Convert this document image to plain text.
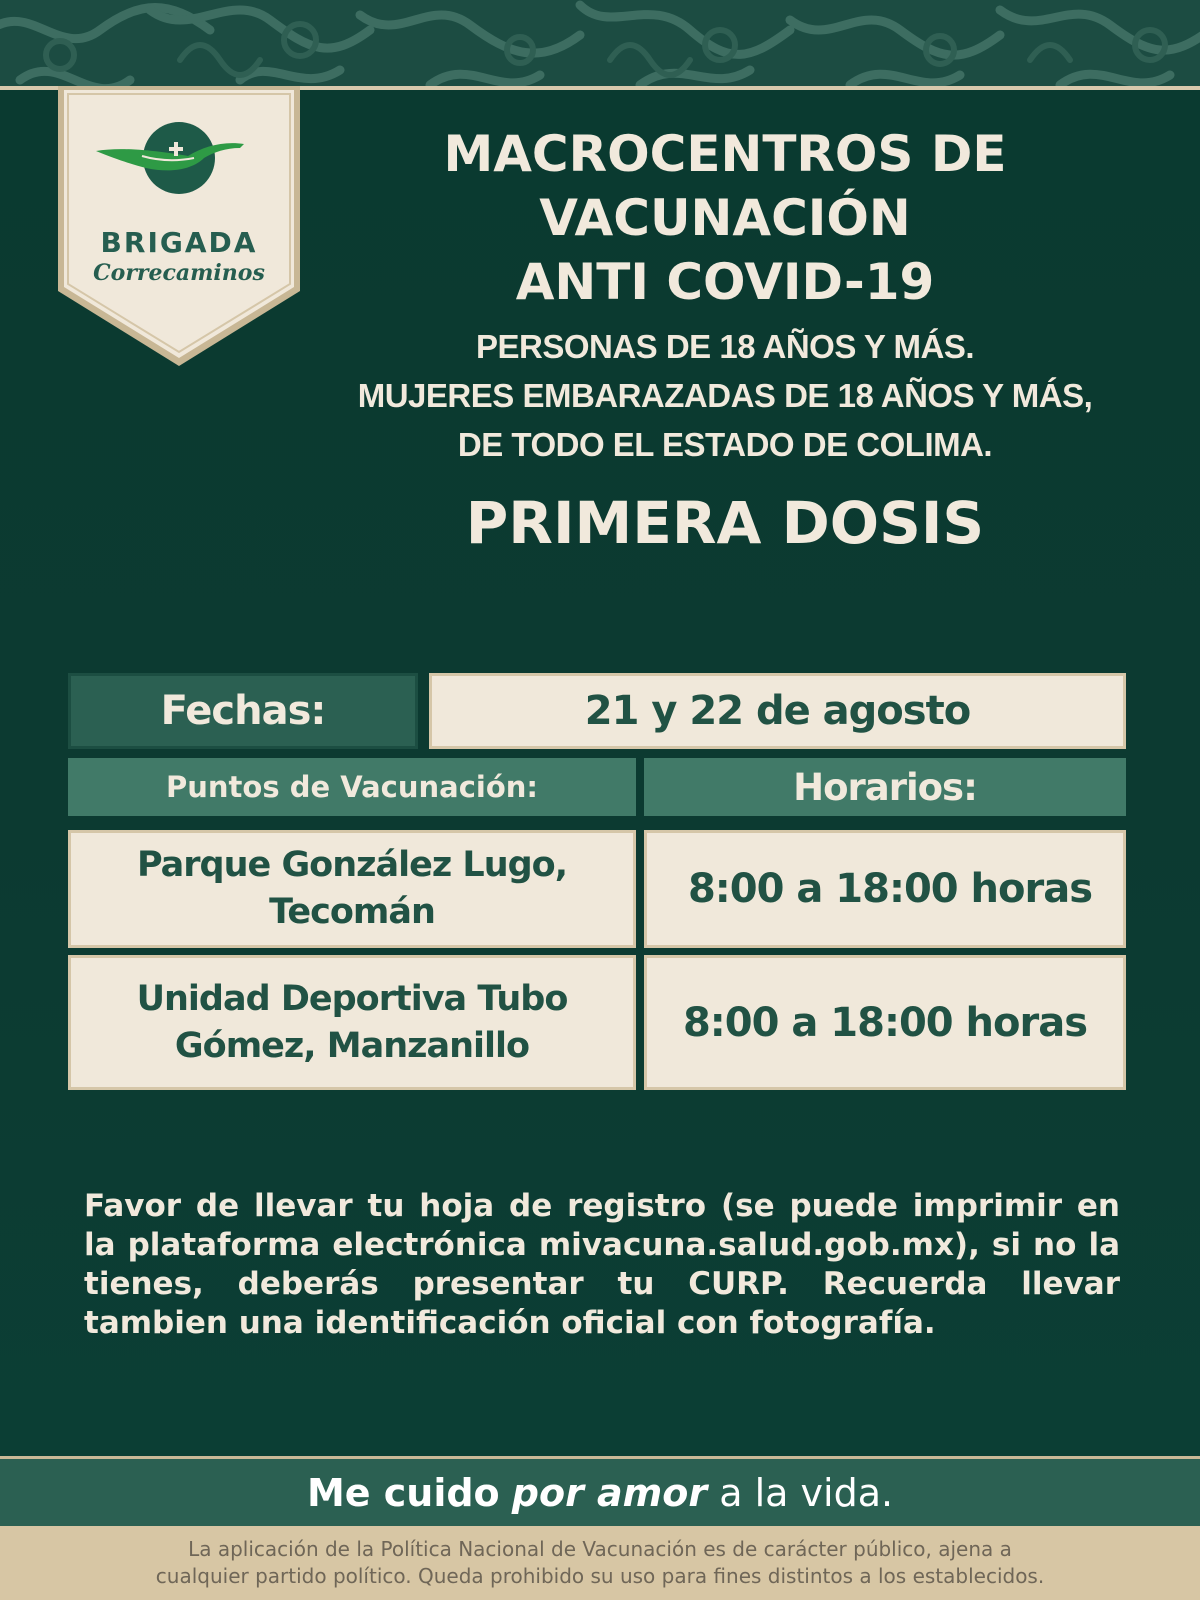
BRIGADA
Correcaminos
MACROCENTROS DE
VACUNACIÓN
ANTI COVID-19
PERSONAS DE 18 AÑOS Y MÁS.
MUJERES EMBARAZADAS DE 18 AÑOS Y MÁS,
DE TODO EL ESTADO DE COLIMA.
PRIMERA DOSIS
Fechas:	21 y 22 de agosto
Puntos de Vacunación:	Horarios:
Parque González Lugo,
Tecomán	8:00 a 18:00 horas
Unidad Deportiva Tubo
Gómez, Manzanillo	8:00 a 18:00 horas

Favor de llevar tu hoja de registro (se puede imprimir en la plataforma electrónica mivacuna.salud.gob.mx), si no la tienes, deberás presentar tu CURP. Recuerda llevar tambien una identificación oficial con fotografía.

Me cuido
por amor
a la vida.
La aplicación de la Política Nacional de Vacunación es de carácter público, ajena a
cualquier partido político. Queda prohibido su uso para fines distintos a los establecidos.
